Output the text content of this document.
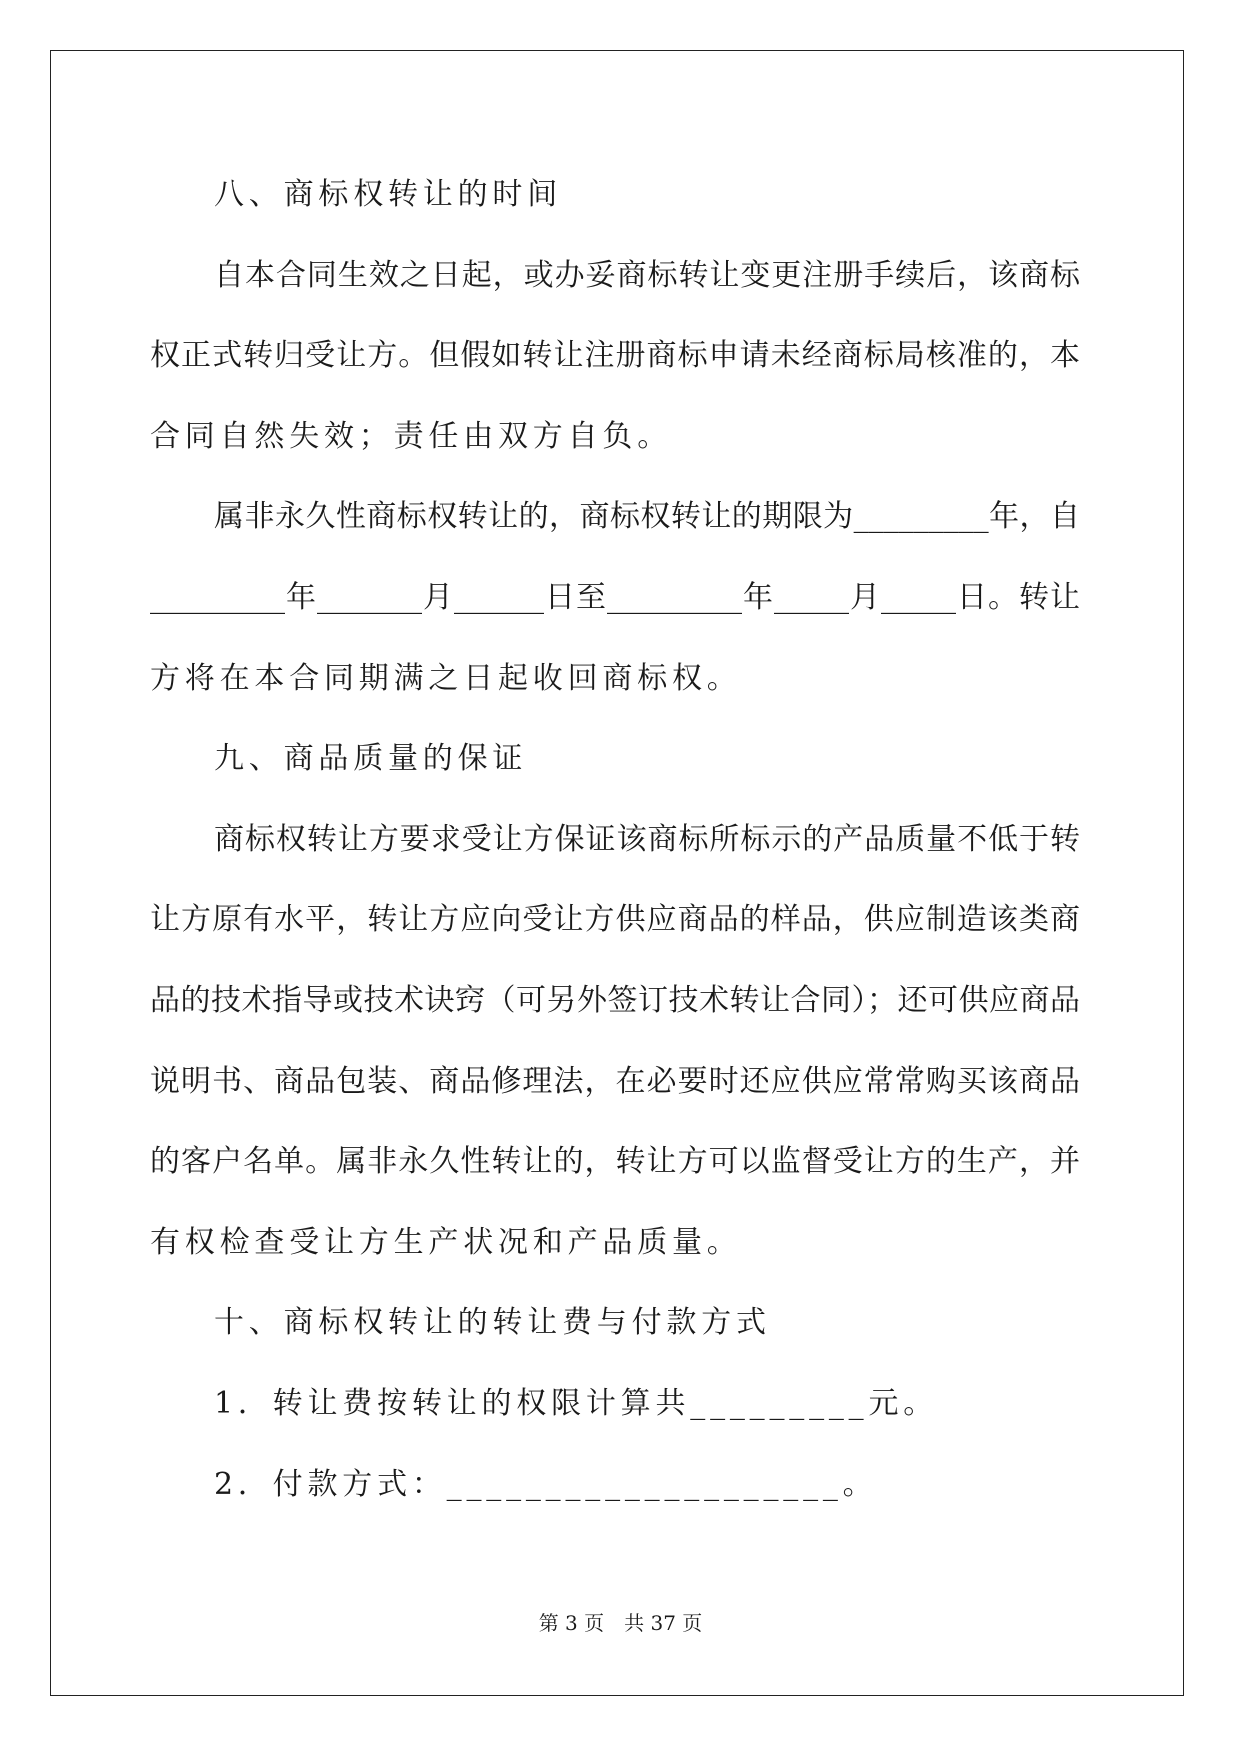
八、商标权转让的时间
自本合同生效之日起，或办妥商标转让变更注册手续后，该商标
权正式转归受让方。但假如转让注册商标申请未经商标局核准的，本
合同自然失效；责任由双方自负。
属非永久性商标权转让的，商标权转让的期限为_________年，自
_________年_______月______日至_________年_____月_____日。转让
方将在本合同期满之日起收回商标权。
九、商品质量的保证
商标权转让方要求受让方保证该商标所标示的产品质量不低于转
让方原有水平，转让方应向受让方供应商品的样品，供应制造该类商
品的技术指导或技术诀窍（可另外签订技术转让合同）；还可供应商品
说明书、商品包装、商品修理法，在必要时还应供应常常购买该商品
的客户名单。属非永久性转让的，转让方可以监督受让方的生产，并
有权检查受让方生产状况和产品质量。
十、商标权转让的转让费与付款方式
1．转让费按转让的权限计算共_________元。
2．付款方式：____________________。
第 3 页　共 37 页
